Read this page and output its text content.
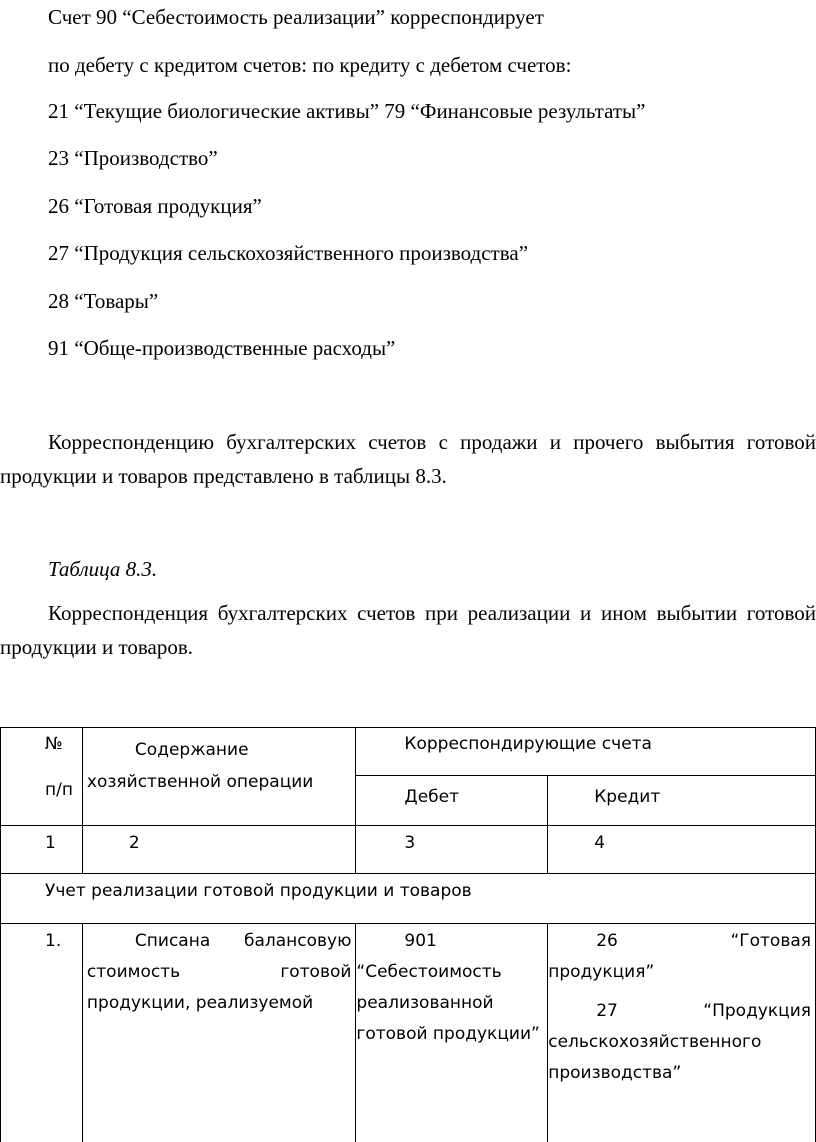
Счет 90 “Себестоимость реализации” корреспондирует
по дебету с кредитом счетов: по кредиту с дебетом счетов:
21 “Текущие биологические активы” 79 “Финансовые результаты”
23 “Производство”
26 “Готовая продукция”
27 “Продукция сельскохозяйственного производства”
28 “Товары”
91 “Обще-производственные расходы”
Корреспонденцию бухгалтерских счетов с продажи и прочего выбытия готовой продукции и товаров представлено в таблицы 8.3.
Таблица 8.3.
Корреспонденция бухгалтерских счетов при реализации и ином выбытии готовой продукции и товаров.
№
п/п	Содержание хозяйственной операции	Корреспондирующие счета	

		Дебет	Кредит

1	2	3	4

Учет реализации готовой продукции и товаров			

1.	Списана балансовую стоимость готовой продукции, реализуемой	901 “Себестоимость реализованной готовой продукции”	26 “Готовая продукция”
27 “Продукция сельскохозяйственного производства”
